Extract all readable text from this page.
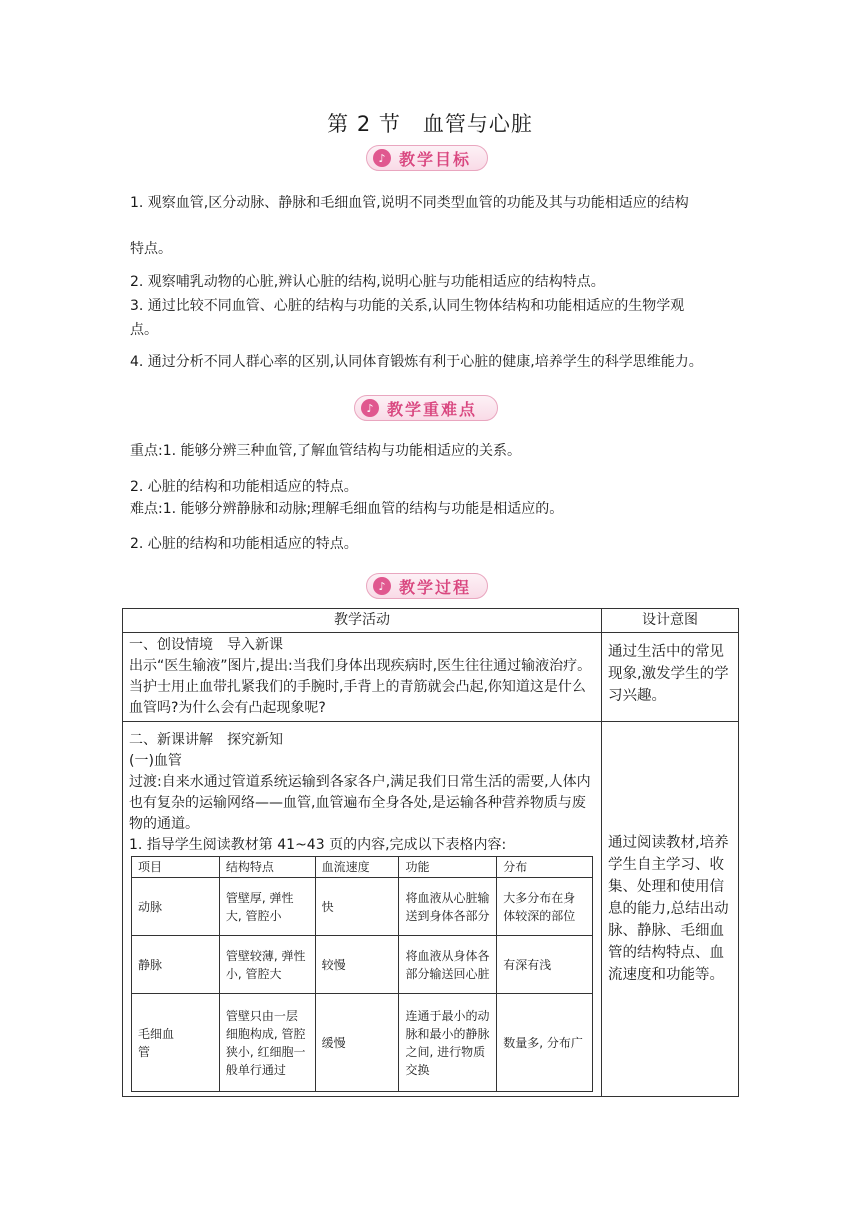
第 2 节　血管与心脏
♪ 教学目标
1. 观察血管,区分动脉、静脉和毛细血管,说明不同类型血管的功能及其与功能相适应的结构
特点。
2. 观察哺乳动物的心脏,辨认心脏的结构,说明心脏与功能相适应的结构特点。
3. 通过比较不同血管、心脏的结构与功能的关系,认同生物体结构和功能相适应的生物学观
点。
4. 通过分析不同人群心率的区别,认同体育锻炼有利于心脏的健康,培养学生的科学思维能力。
♪ 教学重难点
重点:1. 能够分辨三种血管,了解血管结构与功能相适应的关系。
2. 心脏的结构和功能相适应的特点。
难点:1. 能够分辨静脉和动脉;理解毛细血管的结构与功能是相适应的。
2. 心脏的结构和功能相适应的特点。
♪ 教学过程
教学活动	设计意图

一、创设情境　导入新课
出示“医生输液”图片,提出:当我们身体出现疾病时,医生往往通过输液治疗。当护士用止血带扎紧我们的手腕时,手背上的青筋就会凸起,你知道这是什么血管吗?为什么会有凸起现象呢?

通过生活中的常见现象,激发学生的学习兴趣。

二、新课讲解　探究新知
(一)血管
过渡:自来水通过管道系统运输到各家各户,满足我们日常生活的需要,人体内也有复杂的运输网络——血管,血管遍布全身各处,是运输各种营养物质与废物的通道。
1. 指导学生阅读教材第 41~43 页的内容,完成以下表格内容:
项目	结构特点	血流速度	功能	分布
动脉	管壁厚, 弹性大, 管腔小	快	将血液从心脏输送到身体各部分	大多分布在身体较深的部位
静脉	管壁较薄, 弹性小, 管腔大	较慢	将血液从身体各部分输送回心脏	有深有浅
毛细血管	管壁只由一层细胞构成, 管腔狭小, 红细胞一般单行通过	缓慢	连通于最小的动脉和最小的静脉之间, 进行物质交换	数量多, 分布广

通过阅读教材,培养学生自主学习、收集、处理和使用信息的能力,总结出动脉、静脉、毛细血管的结构特点、血流速度和功能等。
